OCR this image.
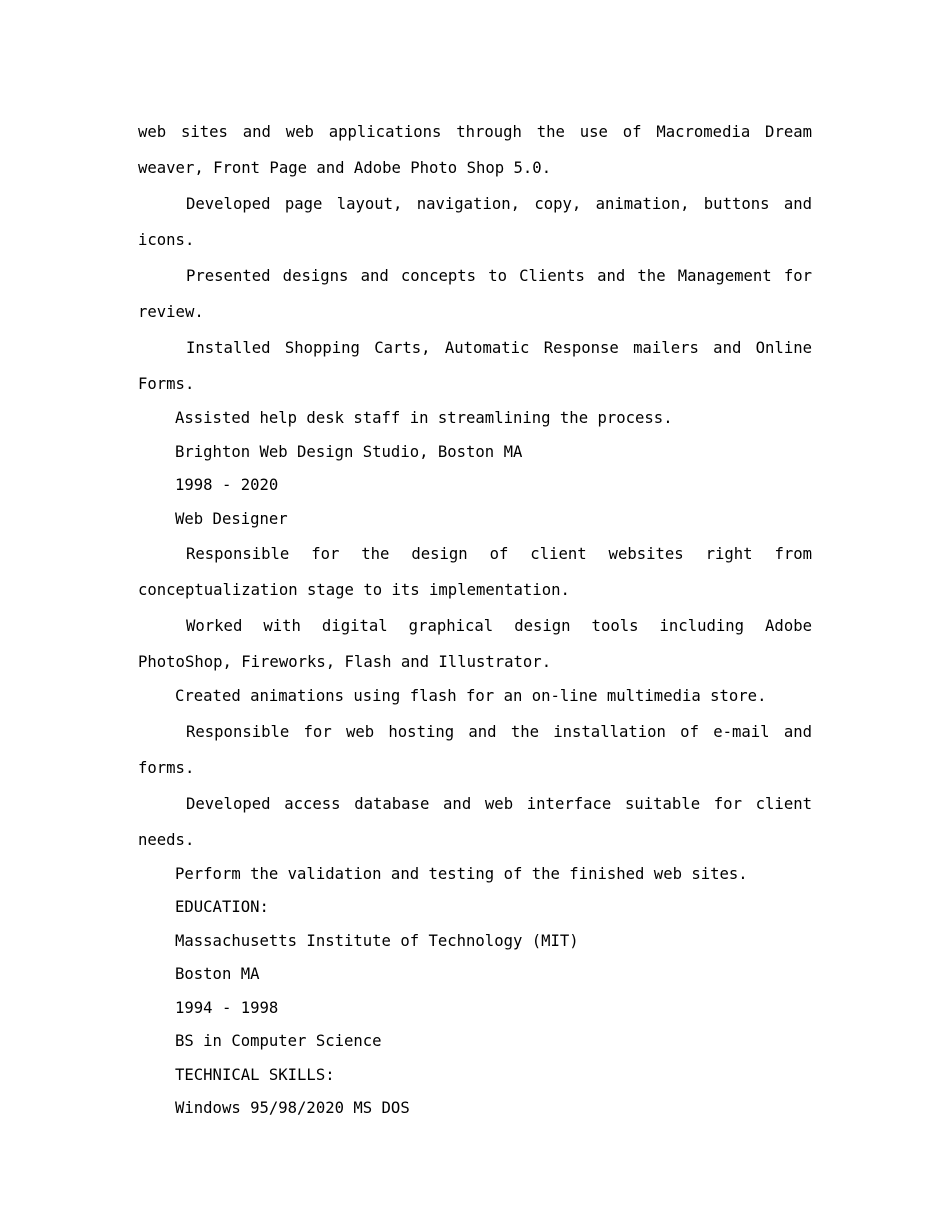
web sites and web applications through the use of Macromedia Dream weaver, Front Page and Adobe Photo Shop 5.0.

Developed page layout, navigation, copy, animation, buttons and icons.

Presented designs and concepts to Clients and the Management for review.

Installed Shopping Carts, Automatic Response mailers and Online Forms.

Assisted help desk staff in streamlining the process.

Brighton Web Design Studio, Boston MA

1998 - 2020

Web Designer

Responsible for the design of client websites right from conceptualization stage to its implementation.

Worked with digital graphical design tools including Adobe PhotoShop, Fireworks, Flash and Illustrator.

Created animations using flash for an on-line multimedia store.

Responsible for web hosting and the installation of e-mail and forms.

Developed access database and web interface suitable for client needs.

Perform the validation and testing of the finished web sites.

EDUCATION:

Massachusetts Institute of Technology (MIT)

Boston MA

1994 - 1998

BS in Computer Science

TECHNICAL SKILLS:

Windows 95/98/2020 MS DOS
